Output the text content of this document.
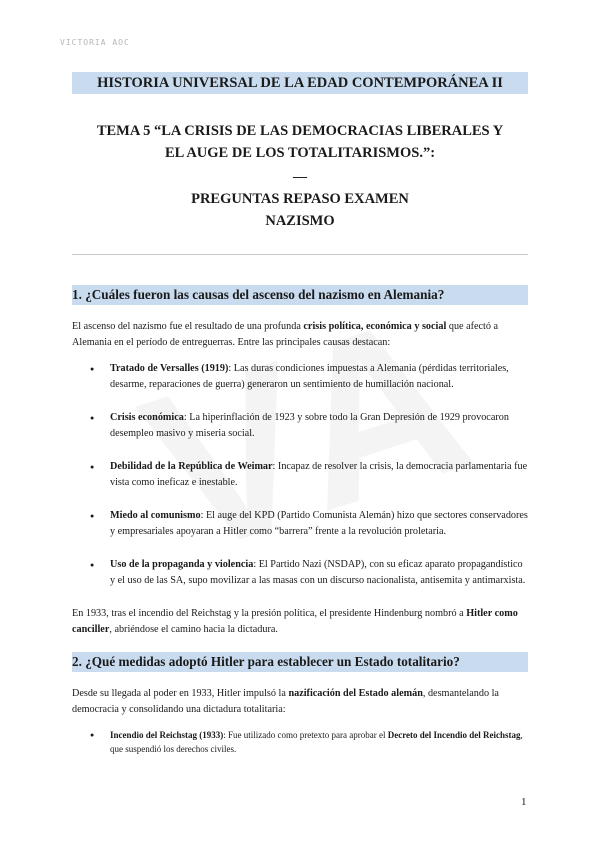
VICTORIA AOC
HISTORIA UNIVERSAL DE LA EDAD CONTEMPORÁNEA II
TEMA 5 “LA CRISIS DE LAS DEMOCRACIAS LIBERALES Y
EL AUGE DE LOS TOTALITARISMOS.”:
__
PREGUNTAS REPASO EXAMEN
NAZISMO
1. ¿Cuáles fueron las causas del ascenso del nazismo en Alemania?

El ascenso del nazismo fue el resultado de una profunda crisis política, económica y social que afectó a Alemania en el período de entreguerras. Entre las principales causas destacan:

● Tratado de Versalles (1919): Las duras condiciones impuestas a Alemania (pérdidas territoriales, desarme, reparaciones de guerra) generaron un sentimiento de humillación nacional.
● Crisis económica: La hiperinflación de 1923 y sobre todo la Gran Depresión de 1929 provocaron desempleo masivo y miseria social.
● Debilidad de la República de Weimar: Incapaz de resolver la crisis, la democracia parlamentaria fue vista como ineficaz e inestable.
● Miedo al comunismo: El auge del KPD (Partido Comunista Alemán) hizo que sectores conservadores y empresariales apoyaran a Hitler como “barrera” frente a la revolución proletaria.
● Uso de la propaganda y violencia: El Partido Nazi (NSDAP), con su eficaz aparato propagandístico y el uso de las SA, supo movilizar a las masas con un discurso nacionalista, antisemita y antimarxista.

En 1933, tras el incendio del Reichstag y la presión política, el presidente Hindenburg nombró a Hitler como canciller, abriéndose el camino hacia la dictadura.

2. ¿Qué medidas adoptó Hitler para establecer un Estado totalitario?

Desde su llegada al poder en 1933, Hitler impulsó la nazificación del Estado alemán, desmantelando la democracia y consolidando una dictadura totalitaria:

● Incendio del Reichstag (1933): Fue utilizado como pretexto para aprobar el Decreto del Incendio del Reichstag, que suspendió los derechos civiles.
1
